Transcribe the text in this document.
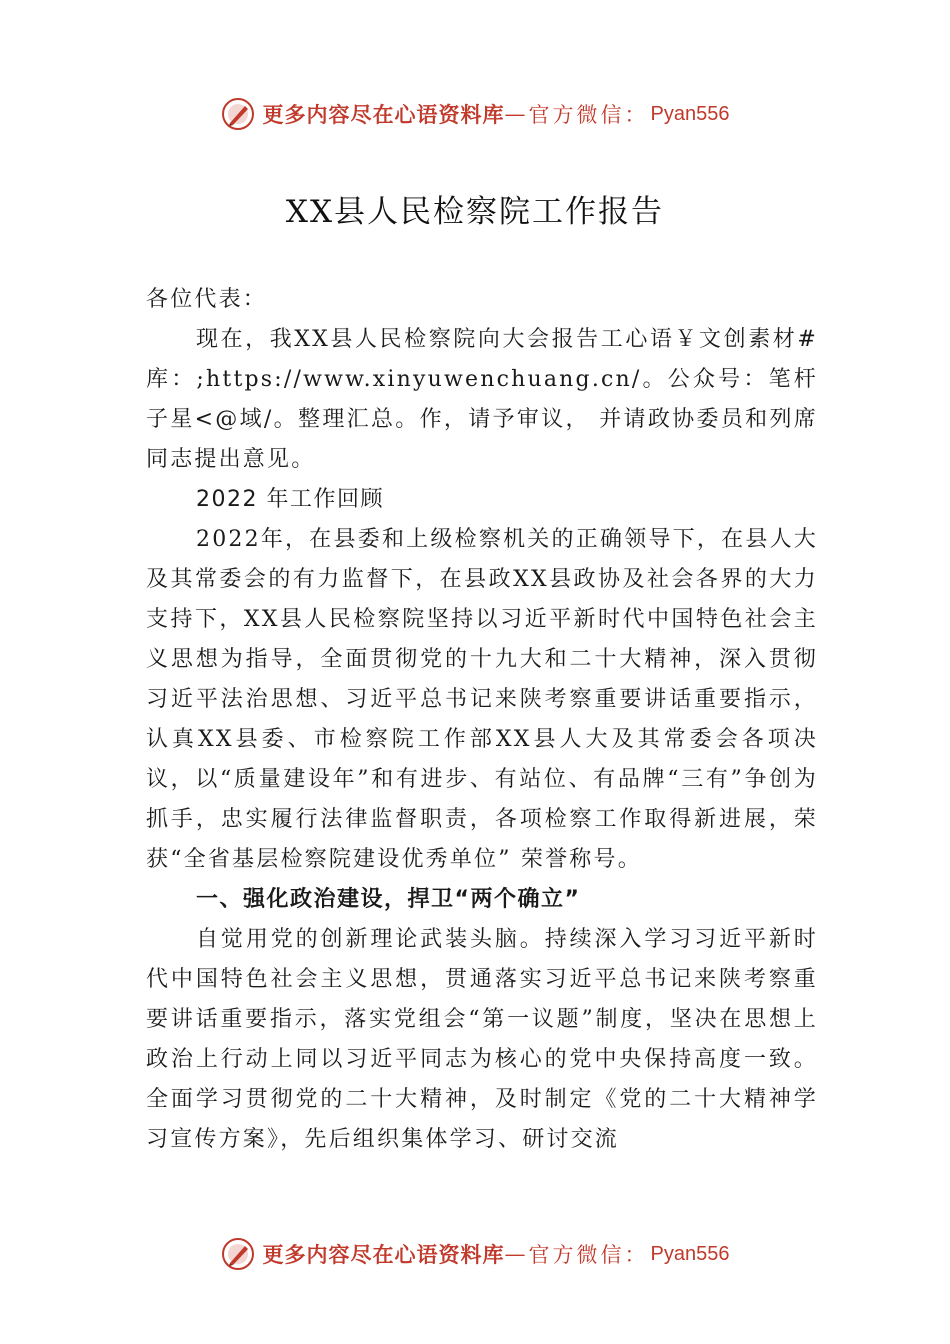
更多内容尽在心语资料库 — 官方微信： Pyan556
XX县人民检察院工作报告

各位代表：

现在，我XX县人民检察院向大会报告工心语￥文创素材#库：;https://www.xinyuwenchuang.cn/。公众号：笔杆子星<@域/。整理汇总。作，请予审议， 并请政协委员和列席同志提出意见。

2022 年工作回顾

2022年，在县委和上级检察机关的正确领导下，在县人大及其常委会的有力监督下，在县政XX县政协及社会各界的大力支持下，XX县人民检察院坚持以习近平新时代中国特色社会主义思想为指导，全面贯彻党的十九大和二十大精神，深入贯彻习近平法治思想、习近平总书记来陕考察重要讲话重要指示，认真XX县委、市检察院工作部XX县人大及其常委会各项决议，以“质量建设年”和有进步、有站位、有品牌“三有”争创为抓手，忠实履行法律监督职责，各项检察工作取得新进展，荣获“全省基层检察院建设优秀单位” 荣誉称号。

一、强化政治建设，捍卫“两个确立”

自觉用党的创新理论武装头脑。持续深入学习习近平新时代中国特色社会主义思想，贯通落实习近平总书记来陕考察重要讲话重要指示，落实党组会“第一议题”制度，坚决在思想上政治上行动上同以习近平同志为核心的党中央保持高度一致。全面学习贯彻党的二十大精神，及时制定《党的二十大精神学习宣传方案》，先后组织集体学习、研讨交流

更多内容尽在心语资料库 — 官方微信： Pyan556
